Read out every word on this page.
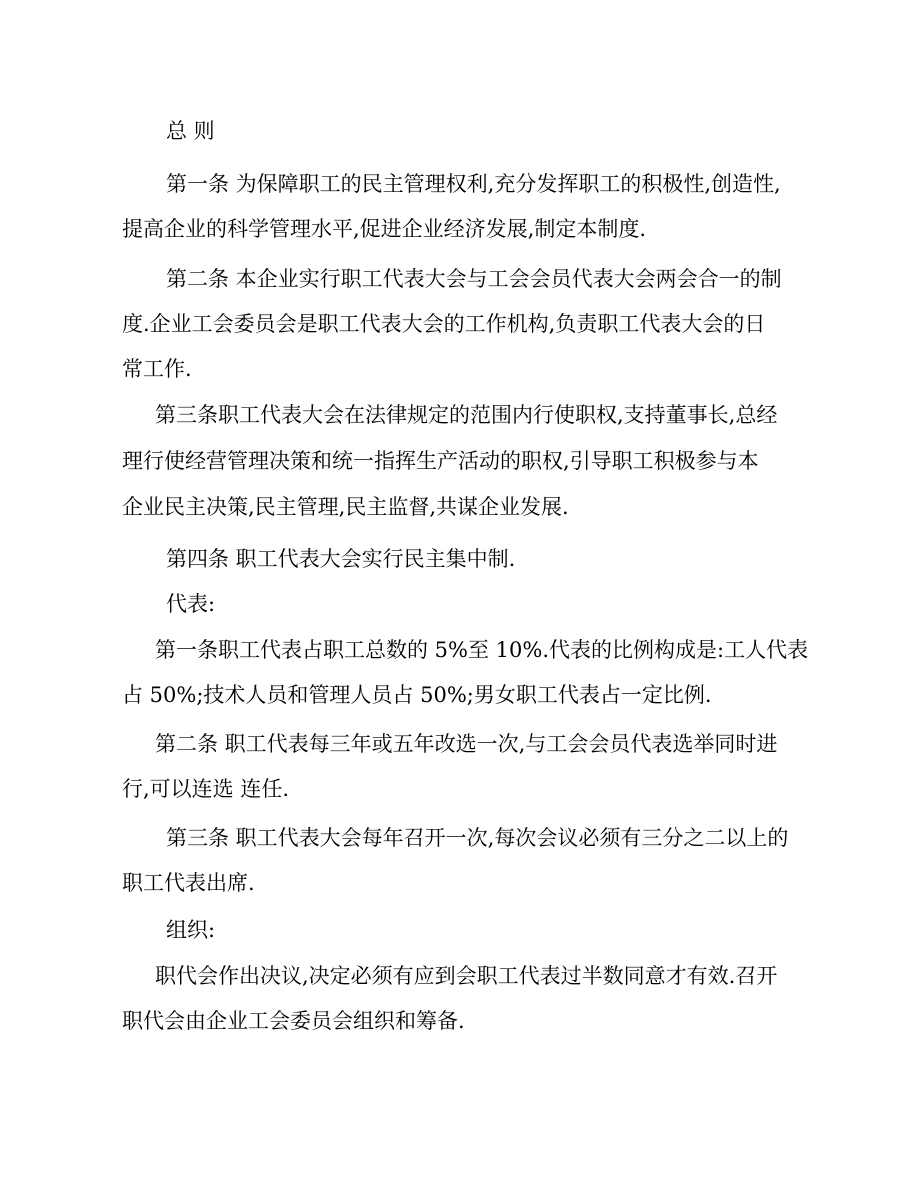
总 则
第一条 为保障职工的民主管理权利,充分发挥职工的积极性,创造性,
提高企业的科学管理水平,促进企业经济发展,制定本制度.
第二条 本企业实行职工代表大会与工会会员代表大会两会合一的制
度.企业工会委员会是职工代表大会的工作机构,负责职工代表大会的日
常工作.
第三条职工代表大会在法律规定的范围内行使职权,支持董事长,总经
理行使经营管理决策和统一指挥生产活动的职权,引导职工积极参与本
企业民主决策,民主管理,民主监督,共谋企业发展.
第四条 职工代表大会实行民主集中制.
代表:
第一条职工代表占职工总数的 5%至 10%.代表的比例构成是:工人代表
占 50%;技术人员和管理人员占 50%;男女职工代表占一定比例.
第二条 职工代表每三年或五年改选一次,与工会会员代表选举同时进
行,可以连选 连任.
第三条 职工代表大会每年召开一次,每次会议必须有三分之二以上的
职工代表出席.
组织:
职代会作出决议,决定必须有应到会职工代表过半数同意才有效.召开
职代会由企业工会委员会组织和筹备.
